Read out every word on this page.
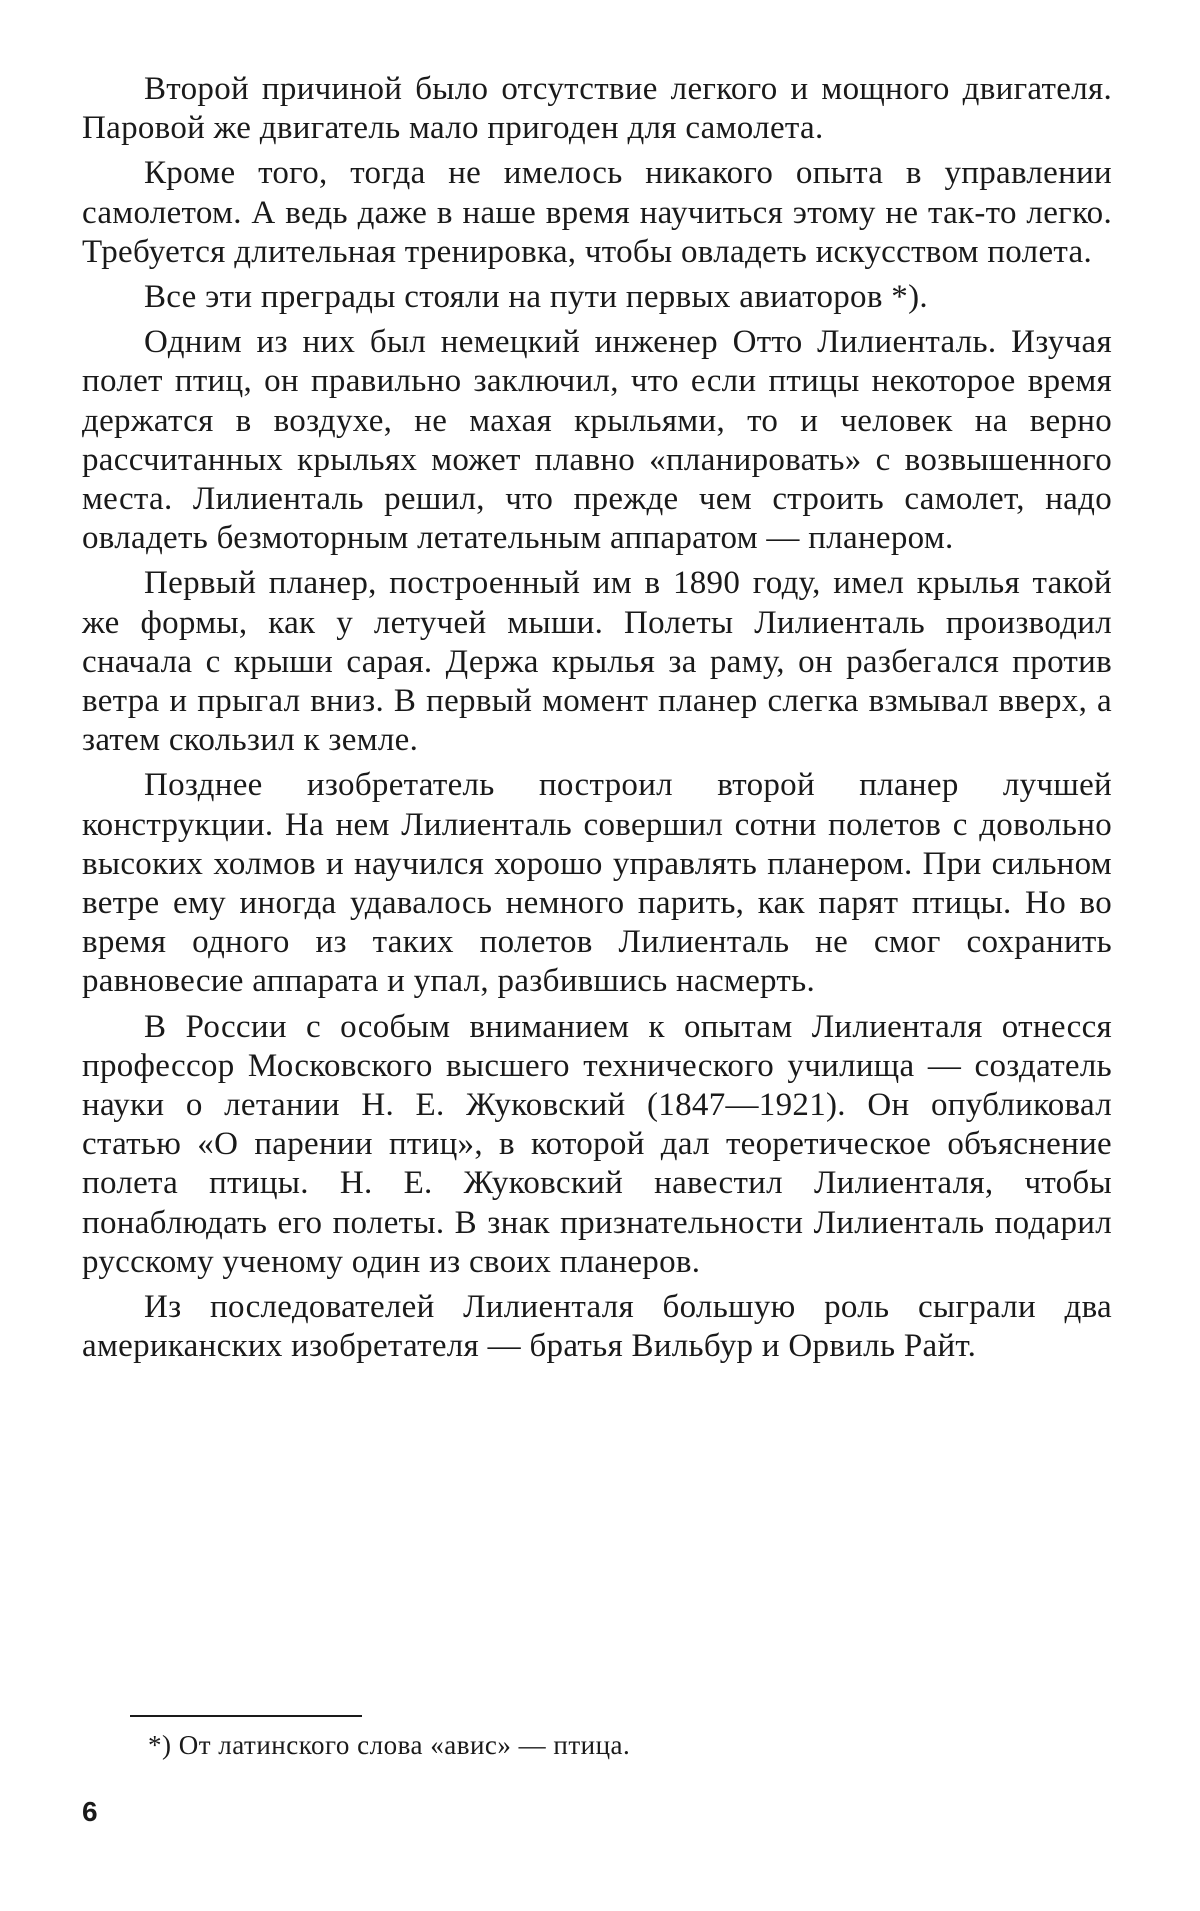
Второй причиной было отсутствие легкого и мощного двигателя. Паровой же двигатель мало пригоден для самолета.

Кроме того, тогда не имелось никакого опыта в управлении самолетом. А ведь даже в наше время научиться этому не так-то легко. Требуется длительная тренировка, чтобы овладеть искусством полета.

Все эти преграды стояли на пути первых авиаторов *).

Одним из них был немецкий инженер Отто Лилиенталь. Изучая полет птиц, он правильно заключил, что если птицы некоторое время держатся в воздухе, не махая крыльями, то и человек на верно рассчитанных крыльях может плавно «планировать» с возвышенного места. Лилиенталь решил, что прежде чем строить самолет, надо овладеть безмоторным летательным аппаратом — планером.

Первый планер, построенный им в 1890 году, имел крылья такой же формы, как у летучей мыши. Полеты Лилиенталь производил сначала с крыши сарая. Держа крылья за раму, он разбегался против ветра и прыгал вниз. В первый момент планер слегка взмывал вверх, а затем скользил к земле.

Позднее изобретатель построил второй планер лучшей конструкции. На нем Лилиенталь совершил сотни полетов с довольно высоких холмов и научился хорошо управлять планером. При сильном ветре ему иногда удавалось немного парить, как парят птицы. Но во время одного из таких полетов Лилиенталь не смог сохранить равновесие аппарата и упал, разбившись насмерть.

В России с особым вниманием к опытам Лилиенталя отнесся профессор Московского высшего технического училища — создатель науки о летании Н. Е. Жуковский (1847—1921). Он опубликовал статью «О парении птиц», в которой дал теоретическое объяснение полета птицы. Н. Е. Жуковский навестил Лилиенталя, чтобы понаблюдать его полеты. В знак признательности Лилиенталь подарил русскому ученому один из своих планеров.

Из последователей Лилиенталя большую роль сыграли два американских изобретателя — братья Вильбур и Орвиль Райт.

*) От латинского слова «авис» — птица.

6
